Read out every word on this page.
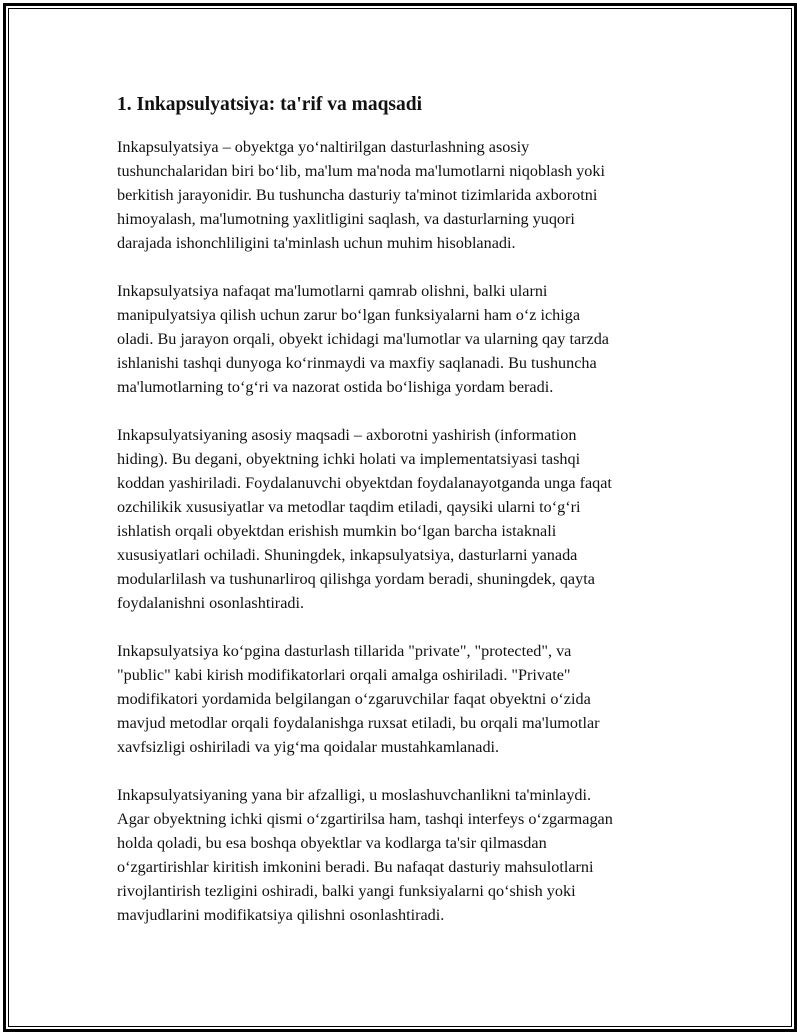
1. Inkapsulyatsiya: ta'rif va maqsadi

Inkapsulyatsiya – obyektga yo‘naltirilgan dasturlashning asosiy
tushunchalaridan biri bo‘lib, ma'lum ma'noda ma'lumotlarni niqoblash yoki
berkitish jarayonidir. Bu tushuncha dasturiy ta'minot tizimlarida axborotni
himoyalash, ma'lumotning yaxlitligini saqlash, va dasturlarning yuqori
darajada ishonchliligini ta'minlash uchun muhim hisoblanadi.

Inkapsulyatsiya nafaqat ma'lumotlarni qamrab olishni, balki ularni
manipulyatsiya qilish uchun zarur bo‘lgan funksiyalarni ham o‘z ichiga
oladi. Bu jarayon orqali, obyekt ichidagi ma'lumotlar va ularning qay tarzda
ishlanishi tashqi dunyoga ko‘rinmaydi va maxfiy saqlanadi. Bu tushuncha
ma'lumotlarning to‘g‘ri va nazorat ostida bo‘lishiga yordam beradi.

Inkapsulyatsiyaning asosiy maqsadi – axborotni yashirish (information
hiding). Bu degani, obyektning ichki holati va implementatsiyasi tashqi
koddan yashiriladi. Foydalanuvchi obyektdan foydalanayotganda unga faqat
ozchilikik xususiyatlar va metodlar taqdim etiladi, qaysiki ularni to‘g‘ri
ishlatish orqali obyektdan erishish mumkin bo‘lgan barcha istaknali
xususiyatlari ochiladi. Shuningdek, inkapsulyatsiya, dasturlarni yanada
modularlilash va tushunarliroq qilishga yordam beradi, shuningdek, qayta
foydalanishni osonlashtiradi.

Inkapsulyatsiya ko‘pgina dasturlash tillarida "private", "protected", va
"public" kabi kirish modifikatorlari orqali amalga oshiriladi. "Private"
modifikatori yordamida belgilangan o‘zgaruvchilar faqat obyektni o‘zida
mavjud metodlar orqali foydalanishga ruxsat etiladi, bu orqali ma'lumotlar
xavfsizligi oshiriladi va yig‘ma qoidalar mustahkamlanadi.

Inkapsulyatsiyaning yana bir afzalligi, u moslashuvchanlikni ta'minlaydi.
Agar obyektning ichki qismi o‘zgartirilsa ham, tashqi interfeys o‘zgarmagan
holda qoladi, bu esa boshqa obyektlar va kodlarga ta'sir qilmasdan
o‘zgartirishlar kiritish imkonini beradi. Bu nafaqat dasturiy mahsulotlarni
rivojlantirish tezligini oshiradi, balki yangi funksiyalarni qo‘shish yoki
mavjudlarini modifikatsiya qilishni osonlashtiradi.
